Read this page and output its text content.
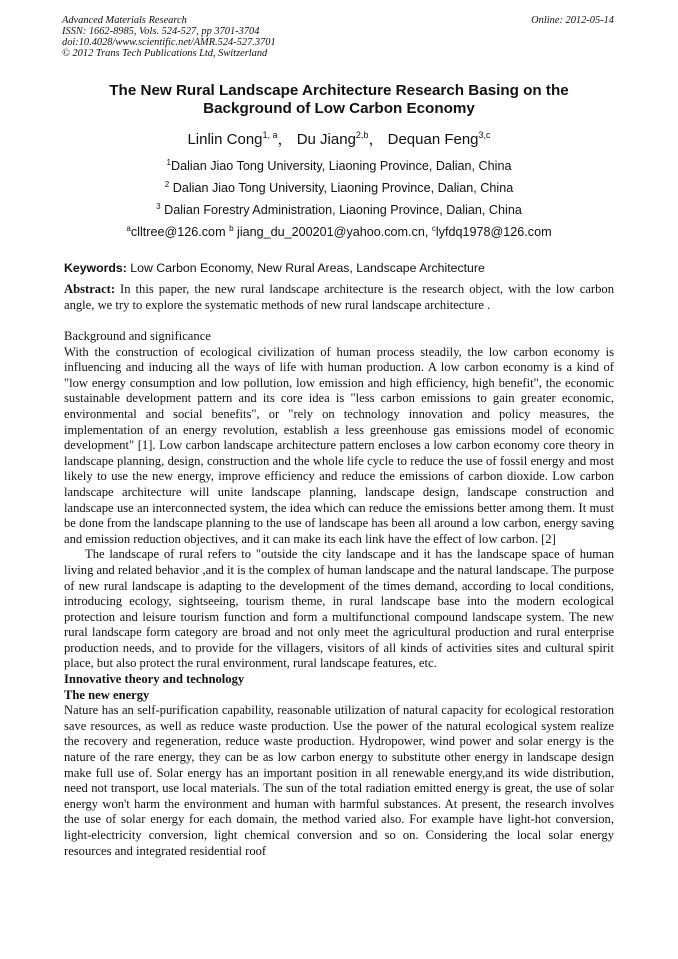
Advanced Materials Research
ISSN: 1662-8985, Vols. 524-527, pp 3701-3704
doi:10.4028/www.scientific.net/AMR.524-527.3701
© 2012 Trans Tech Publications Ltd, Switzerland
Online: 2012-05-14
The New Rural Landscape Architecture Research Basing on the
Background of Low Carbon Economy
Linlin Cong$^{1, a}$， Du Jiang$^{2,b}$， Dequan Feng$^{3,c}$
$^1$Dalian Jiao Tong University, Liaoning Province, Dalian, China
$^2$ Dalian Jiao Tong University, Liaoning Province, Dalian, China
$^3$ Dalian Forestry Administration, Liaoning Province, Dalian, China
$^a$clltree@126.com $^b$ jiang_du_200201@yahoo.com.cn, $^c$lyfdq1978@126.com
Keywords: Low Carbon Economy, New Rural Areas, Landscape Architecture

Abstract: In this paper, the new rural landscape architecture is the research object, with the low carbon angle, we try to explore the systematic methods of new rural landscape architecture .

Background and significance

With the construction of ecological civilization of human process steadily, the low carbon economy is influencing and inducing all the ways of life with human production. A low carbon economy is a kind of "low energy consumption and low pollution, low emission and high efficiency, high benefit", the economic sustainable development pattern and its core idea is "less carbon emissions to gain greater economic, environmental and social benefits", or "rely on technology innovation and policy measures, the implementation of an energy revolution, establish a less greenhouse gas emissions model of economic development" [1]. Low carbon landscape architecture pattern encloses a low carbon economy core theory in landscape planning, design, construction and the whole life cycle to reduce the use of fossil energy and most likely to use the new energy, improve efficiency and reduce the emissions of carbon dioxide. Low carbon landscape architecture will unite landscape planning, landscape design, landscape construction and landscape use an interconnected system, the idea which can reduce the emissions better among them. It must be done from the landscape planning to the use of landscape has been all around a low carbon, energy saving and emission reduction objectives, and it can make its each link have the effect of low carbon. [2]

The landscape of rural refers to "outside the city landscape and it has the landscape space of human living and related behavior ,and it is the complex of human landscape and the natural landscape. The purpose of new rural landscape is adapting to the development of the times demand, according to local conditions, introducing ecology, sightseeing, tourism theme, in rural landscape base into the modern ecological protection and leisure tourism function and form a multifunctional compound landscape system. The new rural landscape form category are broad and not only meet the agricultural production and rural enterprise production needs, and to provide for the villagers, visitors of all kinds of activities sites and cultural spirit place, but also protect the rural environment, rural landscape features, etc.

Innovative theory and technology

The new energy

Nature has an self-purification capability, reasonable utilization of natural capacity for ecological restoration save resources, as well as reduce waste production. Use the power of the natural ecological system realize the recovery and regeneration, reduce waste production. Hydropower, wind power and solar energy is the nature of the rare energy, they can be as low carbon energy to substitute other energy in landscape design make full use of. Solar energy has an important position in all renewable energy,and its wide distribution, need not transport, use local materials. The sun of the total radiation emitted energy is great, the use of solar energy won't harm the environment and human with harmful substances. At present, the research involves the use of solar energy for each domain, the method varied also. For example have light-hot conversion, light-electricity conversion, light chemical conversion and so on. Considering the local solar energy resources and integrated residential roof
